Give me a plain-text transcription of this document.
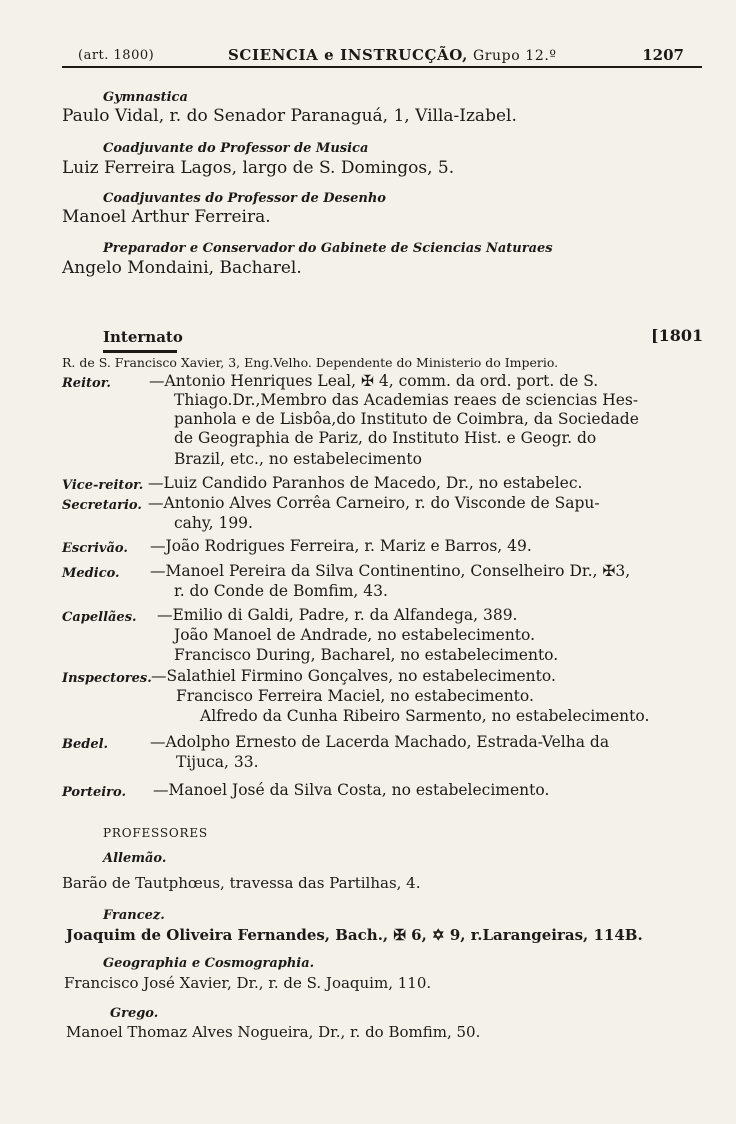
(art. 1800)	SCIENCIA e INSTRUCÇÃO, Grupo 12.º	1207
Gymnastica
Paulo Vidal, r. do Senador Paranaguá, 1, Villa-Izabel.
Coadjuvante do Professor de Musica
Luiz Ferreira Lagos, largo de S. Domingos, 5.
Coadjuvantes do Professor de Desenho
Manoel Arthur Ferreira.
Preparador e Conservador do Gabinete de Sciencias Naturaes
Angelo Mondaini, Bacharel.
Internato	[1801
R. de S. Francisco Xavier, 3, Eng.Velho. Dependente do Ministerio do Imperio.
Reitor. —Antonio Henriques Leal, ✠ 4, comm. da ord. port. de S.
Thiago.Dr.,Membro das Academias reaes de sciencias Hes-
panhola e de Lisbôa,do Instituto de Coimbra, da Sociedade
de Geographia de Pariz, do Instituto Hist. e Geogr. do
Brazil, etc., no estabelecimento
Vice-reitor. —Luiz Candido Paranhos de Macedo, Dr., no estabelec.
Secretario. —Antonio Alves Corrêa Carneiro, r. do Visconde de Sapu-
cahy, 199.
Escrivão. —João Rodrigues Ferreira, r. Mariz e Barros, 49.
Medico. —Manoel Pereira da Silva Continentino, Conselheiro Dr., ✠3,
r. do Conde de Bomfim, 43.
Capellães. —Emilio di Galdi, Padre, r. da Alfandega, 389.
João Manoel de Andrade, no estabelecimento.
Francisco During, Bacharel, no estabelecimento.
Inspectores. —Salathiel Firmino Gonçalves, no estabelecimento.
Francisco Ferreira Maciel, no estabecimento.
Alfredo da Cunha Ribeiro Sarmento, no estabelecimento.
Bedel.	—Adolpho Ernesto de Lacerda Machado, Estrada-Velha da
Tijuca, 33.
Porteiro. —Manoel José da Silva Costa, no estabelecimento.
PROFESSORES
Allemão.
Barão de Tautphœus, travessa das Partilhas, 4.
Francez.
Joaquim de Oliveira Fernandes, Bach., ✠ 6, ✡ 9, r.Larangeiras, 114B.
Geographia e Cosmographia.
Francisco José Xavier, Dr., r. de S. Joaquim, 110.
Grego.
Manoel Thomaz Alves Nogueira, Dr., r. do Bomfim, 50.
